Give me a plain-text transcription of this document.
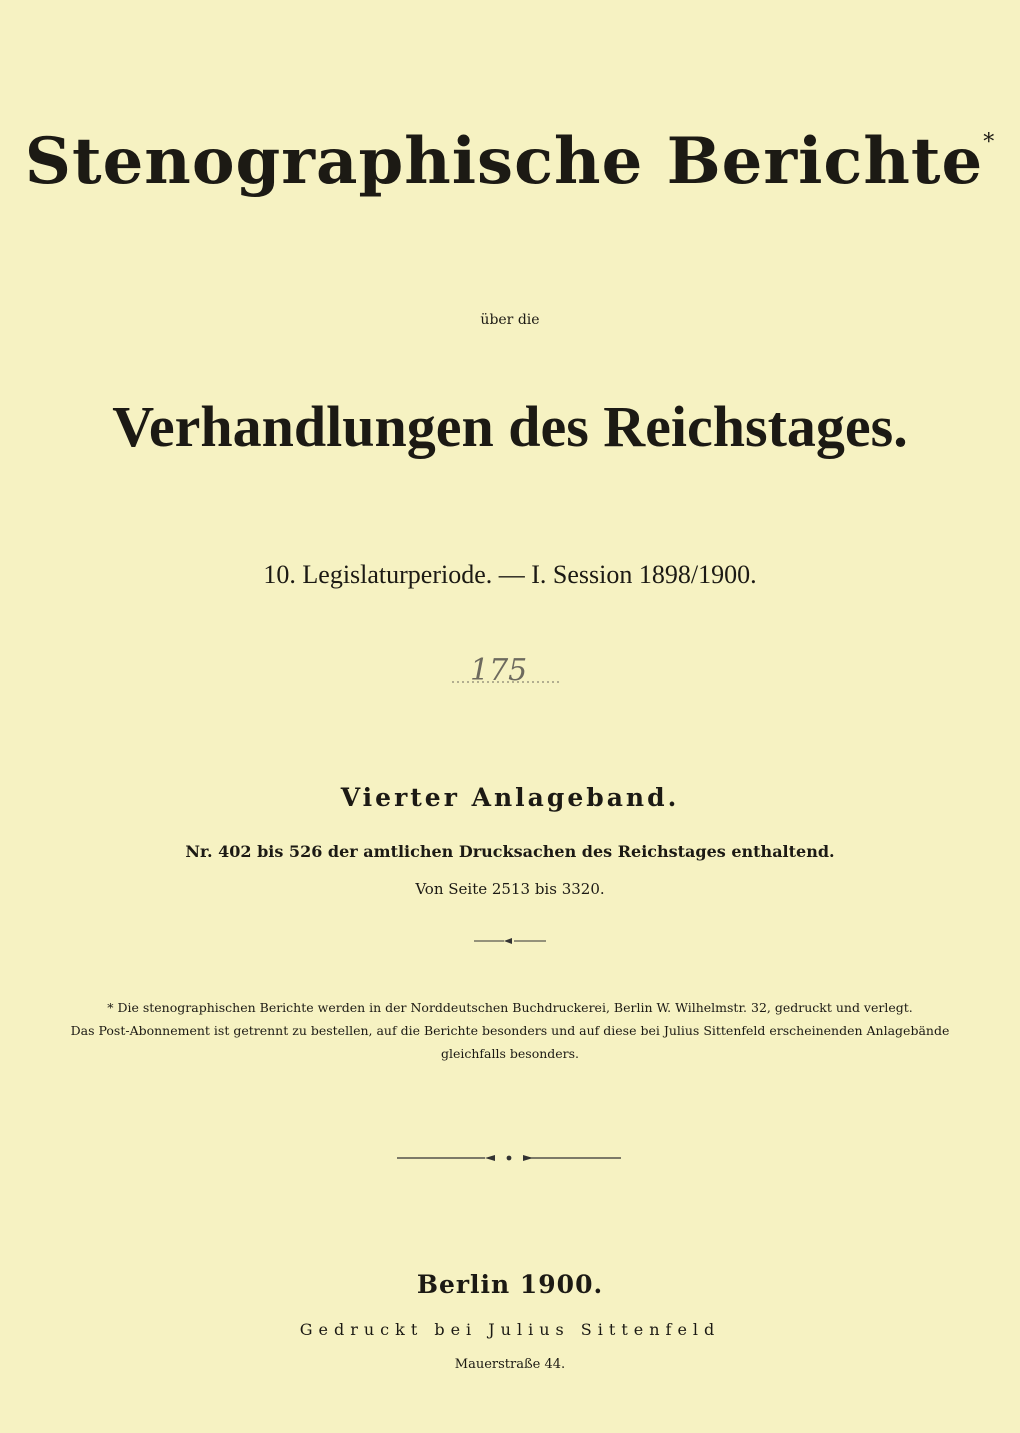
Stenographische Berichte*
über die
Verhandlungen des Reichstages.
10. Legislaturperiode. — I. Session 1898/1900.
175
Vierter Anlageband.
Nr. 402 bis 526 der amtlichen Drucksachen des Reichstages enthaltend.
Von Seite 2513 bis 3320.
* Die stenographischen Berichte werden in der Norddeutschen Buchdruckerei, Berlin W. Wilhelmstr. 32, gedruckt und verlegt.
Das Post-Abonnement ist getrennt zu bestellen, auf die Berichte besonders und auf diese bei Julius Sittenfeld erscheinenden Anlagebände
gleichfalls besonders.
Berlin 1900.
Gedruckt bei Julius Sittenfeld
Mauerstraße 44.
